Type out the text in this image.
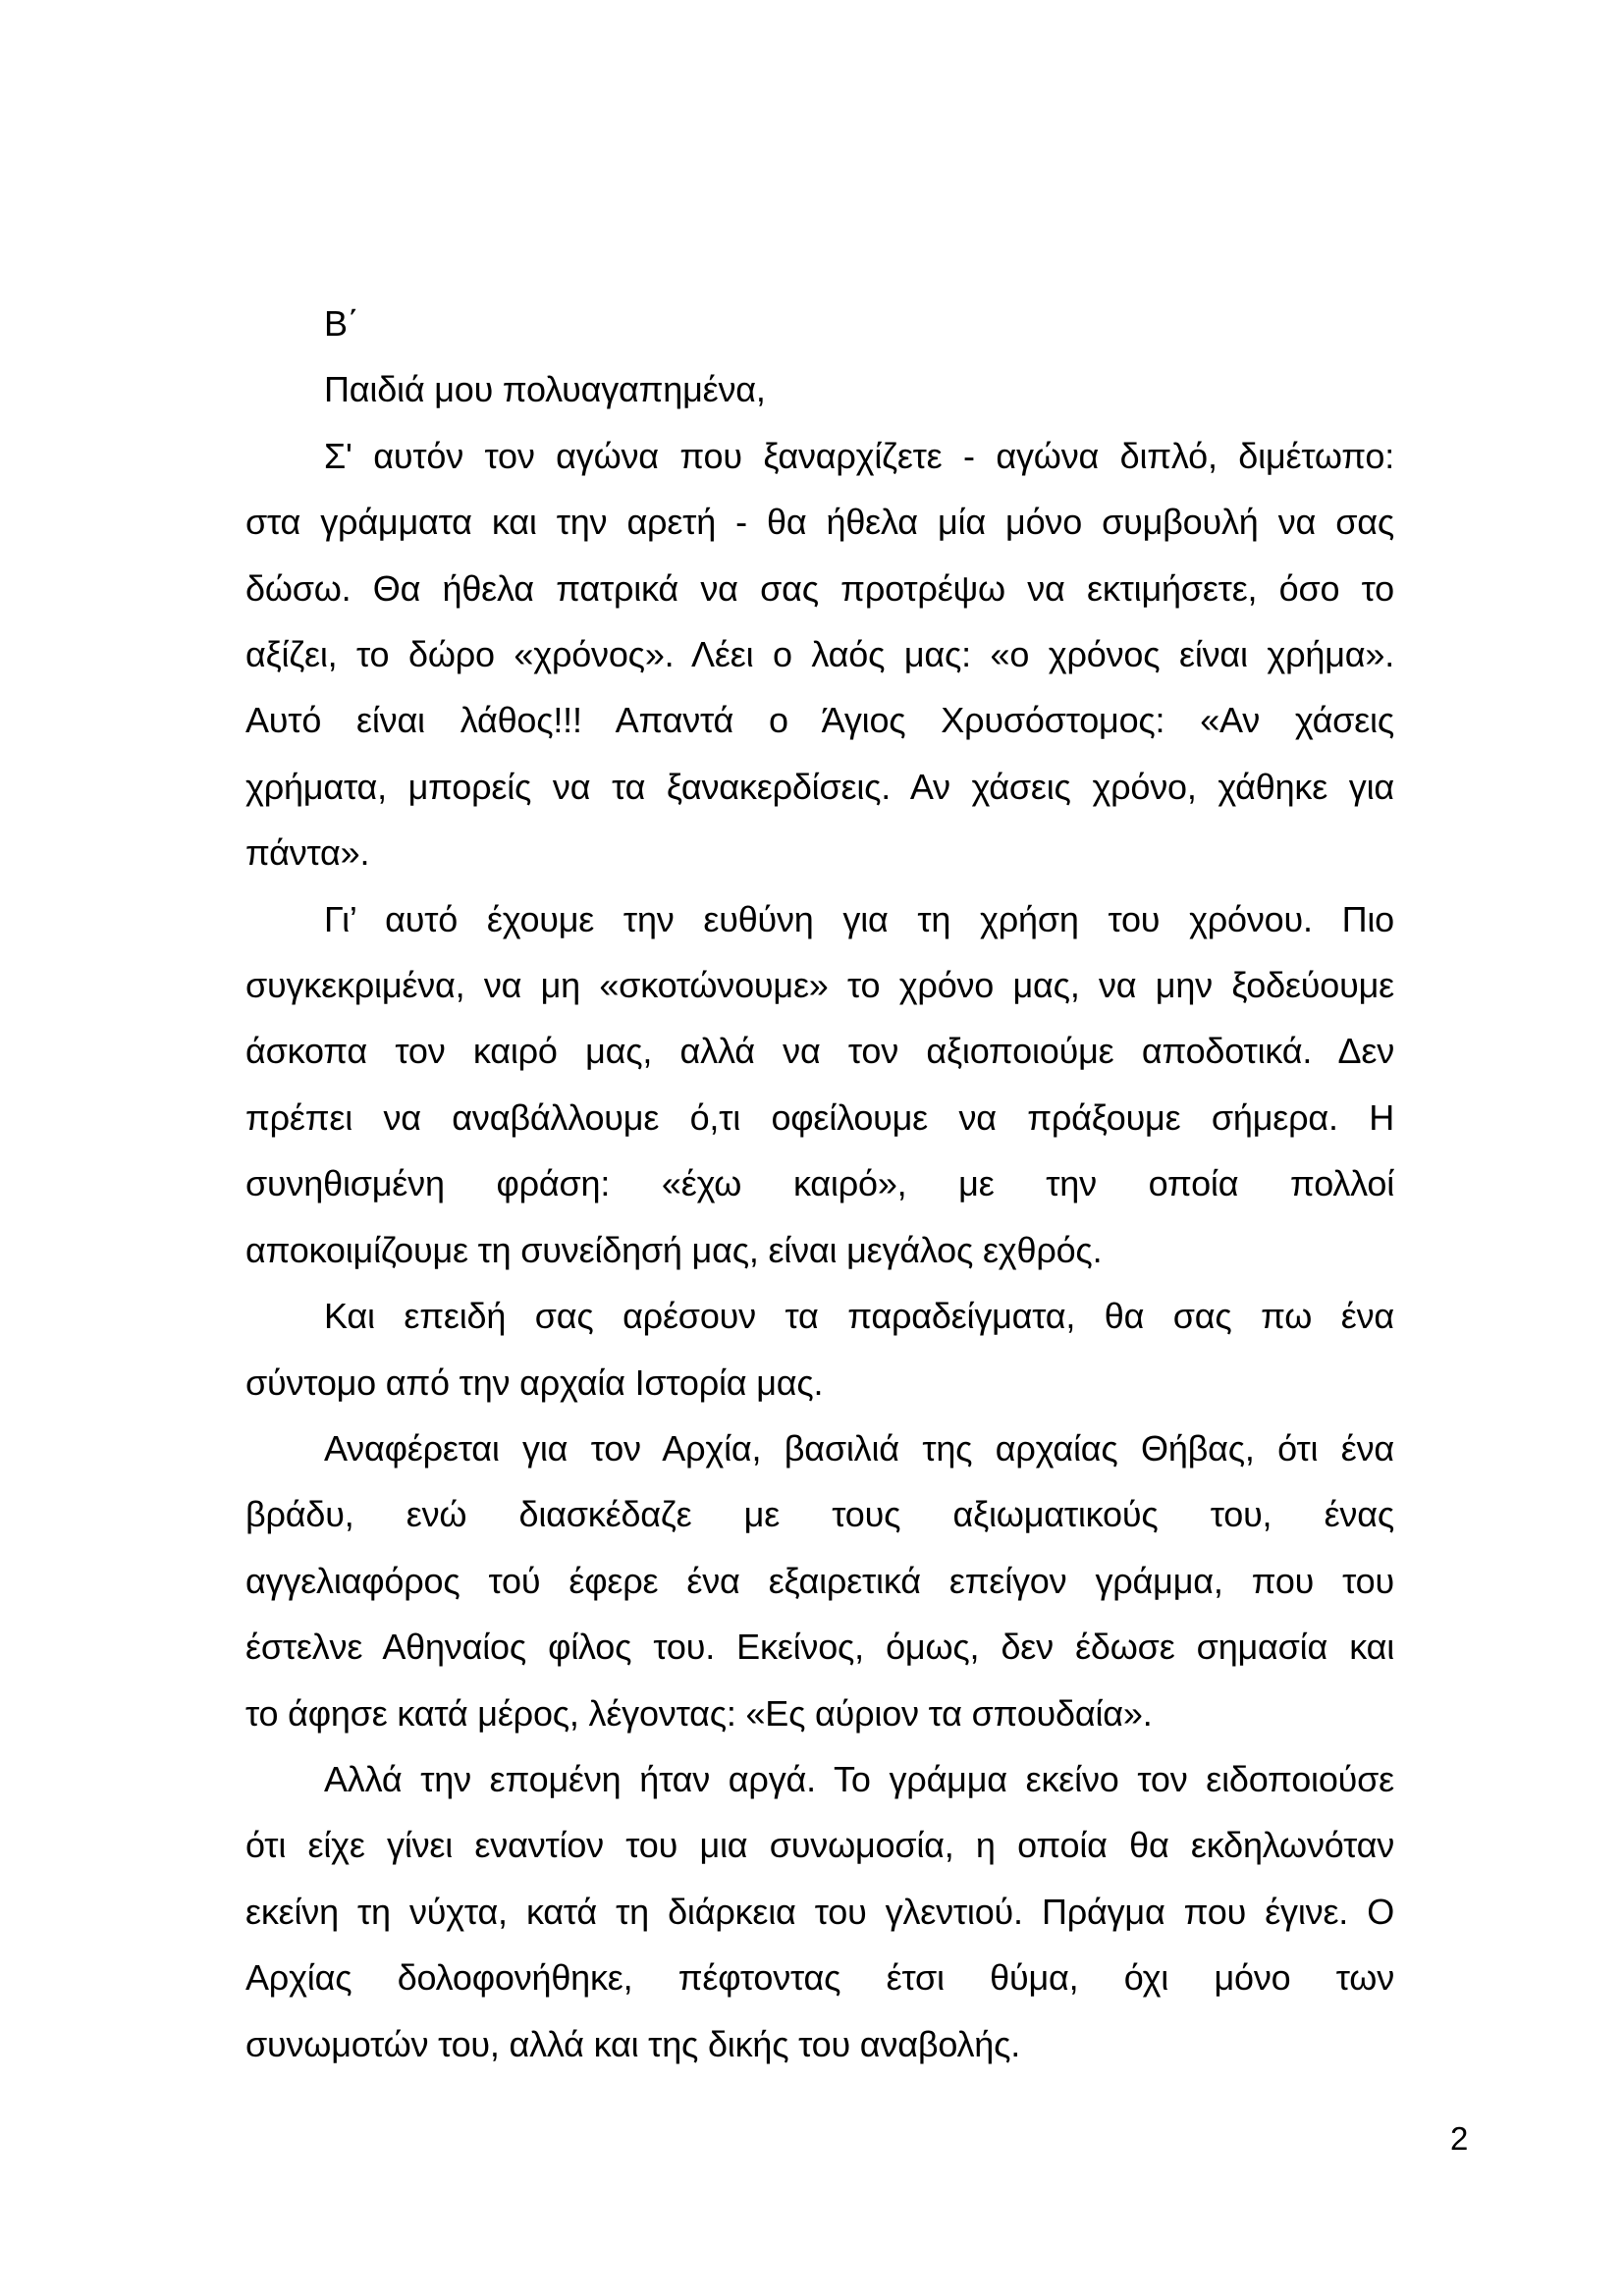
Β΄
Παιδιά μου πολυαγαπημένα,
Σ' αυτόν τον αγώνα που ξαναρχίζετε - αγώνα διπλό, διμέτωπο:
στα γράμματα και την αρετή - θα ήθελα μία μόνο συμβουλή να σας
δώσω. Θα ήθελα πατρικά να σας προτρέψω να εκτιμήσετε, όσο το
αξίζει, το δώρο «χρόνος». Λέει ο λαός μας: «ο χρόνος είναι χρήμα».
Αυτό είναι λάθος!!! Απαντά ο Άγιος Χρυσόστομος: «Αν χάσεις
χρήματα, μπορείς να τα ξανακερδίσεις. Αν χάσεις χρόνο, χάθηκε για
πάντα».
Γι’ αυτό έχουμε την ευθύνη για τη χρήση του χρόνου. Πιο
συγκεκριμένα, να μη «σκοτώνουμε» το χρόνο μας, να μην ξοδεύουμε
άσκοπα τον καιρό μας, αλλά να τον αξιοποιούμε αποδοτικά. Δεν
πρέπει να αναβάλλουμε ό,τι οφείλουμε να πράξουμε σήμερα. Η
συνηθισμένη φράση: «έχω καιρό», με την οποία πολλοί
αποκοιμίζουμε τη συνείδησή μας, είναι μεγάλος εχθρός.
Και επειδή σας αρέσουν τα παραδείγματα, θα σας πω ένα
σύντομο από την αρχαία Ιστορία μας.
Αναφέρεται για τον Αρχία, βασιλιά της αρχαίας Θήβας, ότι ένα
βράδυ, ενώ διασκέδαζε με τους αξιωματικούς του, ένας
αγγελιαφόρος τού έφερε ένα εξαιρετικά επείγον γράμμα, που του
έστελνε Αθηναίος φίλος του. Εκείνος, όμως, δεν έδωσε σημασία και
το άφησε κατά μέρος, λέγοντας: «Ες αύριον τα σπουδαία».
Αλλά την επομένη ήταν αργά. Το γράμμα εκείνο τον ειδοποιούσε
ότι είχε γίνει εναντίον του μια συνωμοσία, η οποία θα εκδηλωνόταν
εκείνη τη νύχτα, κατά τη διάρκεια του γλεντιού. Πράγμα που έγινε. Ο
Αρχίας δολοφονήθηκε, πέφτοντας έτσι θύμα, όχι μόνο των
συνωμοτών του, αλλά και της δικής του αναβολής.
2
